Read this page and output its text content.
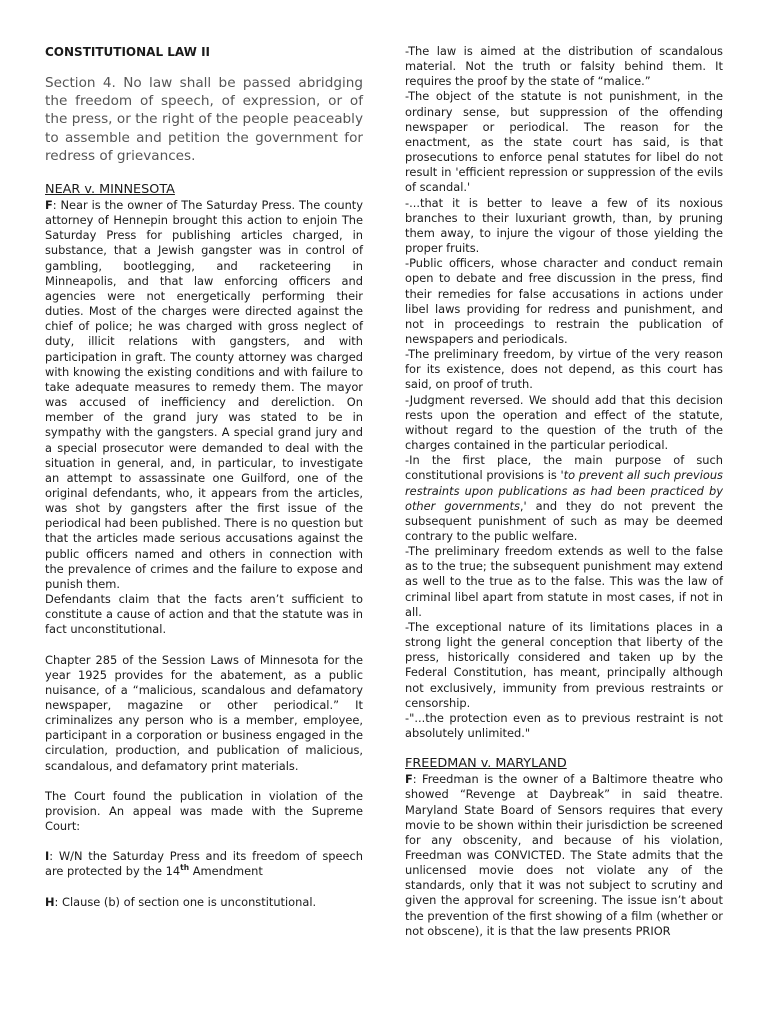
CONSTITUTIONAL LAW II

Section 4. No law shall be passed abridging the freedom of speech, of expression, or of the press, or the right of the people peaceably to assemble and petition the government for redress of grievances.

NEAR v. MINNESOTA

F: Near is the owner of The Saturday Press. The county attorney of Hennepin brought this action to enjoin The Saturday Press for publishing articles charged, in substance, that a Jewish gangster was in control of gambling, bootlegging, and racketeering in Minneapolis, and that law enforcing officers and agencies were not energetically performing their duties. Most of the charges were directed against the chief of police; he was charged with gross neglect of duty, illicit relations with gangsters, and with participation in graft. The county attorney was charged with knowing the existing conditions and with failure to take adequate measures to remedy them. The mayor was accused of inefficiency and dereliction. On member of the grand jury was stated to be in sympathy with the gangsters. A special grand jury and a special prosecutor were demanded to deal with the situation in general, and, in particular, to investigate an attempt to assassinate one Guilford, one of the original defendants, who, it appears from the articles, was shot by gangsters after the first issue of the periodical had been published. There is no question but that the articles made serious accusations against the public officers named and others in connection with the prevalence of crimes and the failure to expose and punish them.

Defendants claim that the facts aren’t sufficient to constitute a cause of action and that the statute was in fact unconstitutional.

Chapter 285 of the Session Laws of Minnesota for the year 1925 provides for the abatement, as a public nuisance, of a “malicious, scandalous and defamatory newspaper, magazine or other periodical.” It criminalizes any person who is a member, employee, participant in a corporation or business engaged in the circulation, production, and publication of malicious, scandalous, and defamatory print materials.

The Court found the publication in violation of the provision. An appeal was made with the Supreme Court:

I: W/N the Saturday Press and its freedom of speech are protected by the 14th Amendment

H: Clause (b) of section one is unconstitutional.

-The law is aimed at the distribution of scandalous material. Not the truth or falsity behind them. It requires the proof by the state of “malice.”

-The object of the statute is not punishment, in the ordinary sense, but suppression of the offending newspaper or periodical. The reason for the enactment, as the state court has said, is that prosecutions to enforce penal statutes for libel do not result in 'efficient repression or suppression of the evils of scandal.'

-...that it is better to leave a few of its noxious branches to their luxuriant growth, than, by pruning them away, to injure the vigour of those yielding the proper fruits.

-Public officers, whose character and conduct remain open to debate and free discussion in the press, find their remedies for false accusations in actions under libel laws providing for redress and punishment, and not in proceedings to restrain the publication of newspapers and periodicals.

-The preliminary freedom, by virtue of the very reason for its existence, does not depend, as this court has said, on proof of truth.

-Judgment reversed. We should add that this decision rests upon the operation and effect of the statute, without regard to the question of the truth of the charges contained in the particular periodical.

-In the first place, the main purpose of such constitutional provisions is 'to prevent all such previous restraints upon publications as had been practiced by other governments,' and they do not prevent the subsequent punishment of such as may be deemed contrary to the public welfare.

-The preliminary freedom extends as well to the false as to the true; the subsequent punishment may extend as well to the true as to the false. This was the law of criminal libel apart from statute in most cases, if not in all.

-The exceptional nature of its limitations places in a strong light the general conception that liberty of the press, historically considered and taken up by the Federal Constitution, has meant, principally although not exclusively, immunity from previous restraints or censorship.

-"...the protection even as to previous restraint is not absolutely unlimited."

FREEDMAN v. MARYLAND

F: Freedman is the owner of a Baltimore theatre who showed “Revenge at Daybreak” in said theatre. Maryland State Board of Sensors requires that every movie to be shown within their jurisdiction be screened for any obscenity, and because of his violation, Freedman was CONVICTED. The State admits that the unlicensed movie does not violate any of the standards, only that it was not subject to scrutiny and given the approval for screening. The issue isn’t about the prevention of the first showing of a film (whether or not obscene), it is that the law presents PRIOR
